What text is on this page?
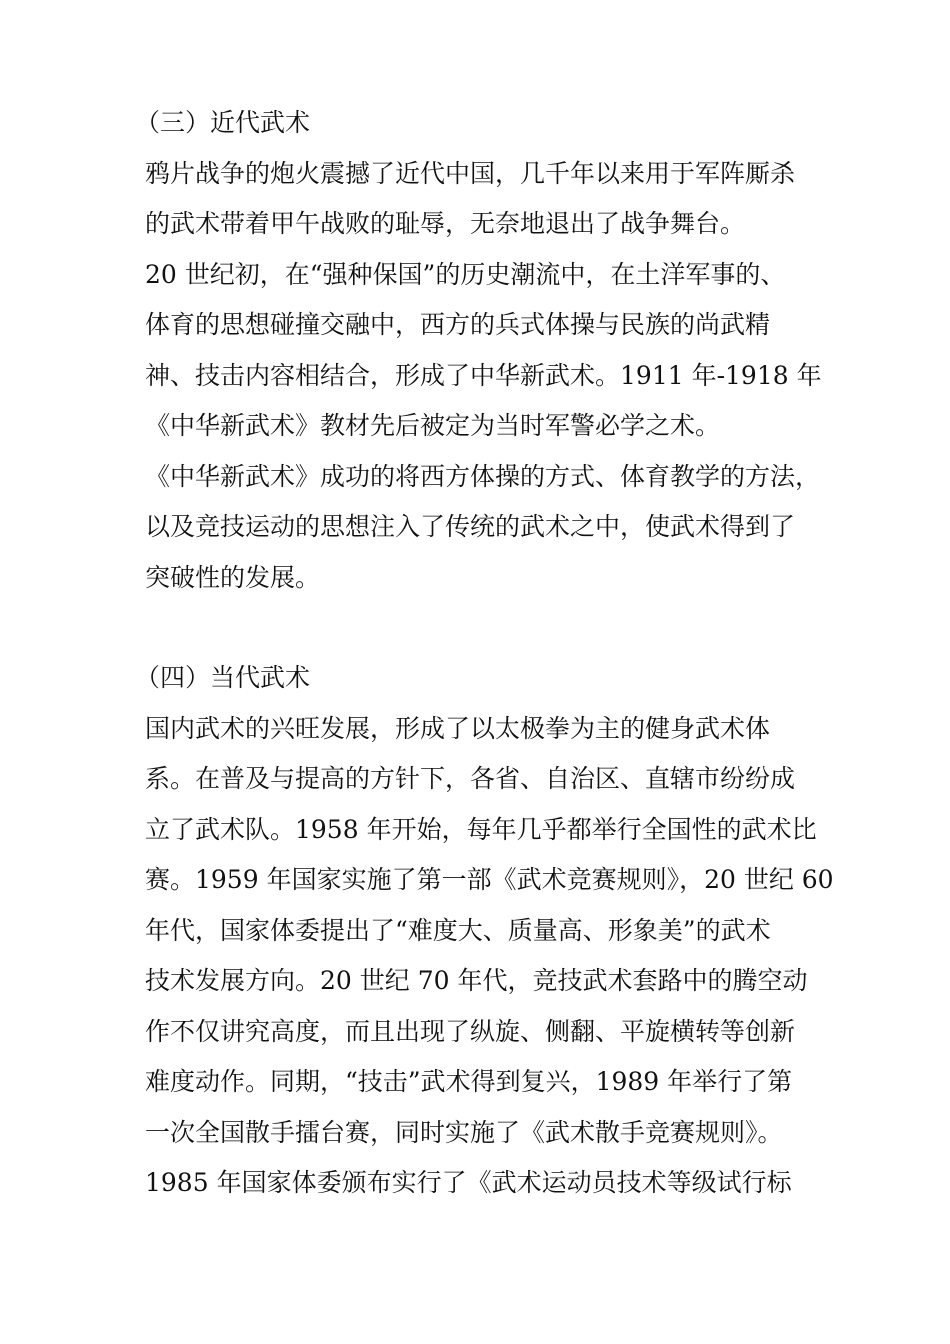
（三）近代武术
鸦片战争的炮火震撼了近代中国，几千年以来用于军阵厮杀
的武术带着甲午战败的耻辱，无奈地退出了战争舞台。
20 世纪初，在“强种保国”的历史潮流中，在土洋军事的、
体育的思想碰撞交融中，西方的兵式体操与民族的尚武精
神、技击内容相结合，形成了中华新武术。1911 年-1918 年
《中华新武术》教材先后被定为当时军警必学之术。
《中华新武术》成功的将西方体操的方式、体育教学的方法，
以及竞技运动的思想注入了传统的武术之中，使武术得到了
突破性的发展。
（四）当代武术
国内武术的兴旺发展，形成了以太极拳为主的健身武术体
系。在普及与提高的方针下，各省、自治区、直辖市纷纷成
立了武术队。1958 年开始，每年几乎都举行全国性的武术比
赛。1959 年国家实施了第一部《武术竞赛规则》，20 世纪 60
年代，国家体委提出了“难度大、质量高、形象美”的武术
技术发展方向。20 世纪 70 年代，竞技武术套路中的腾空动
作不仅讲究高度，而且出现了纵旋、侧翻、平旋横转等创新
难度动作。同期，“技击”武术得到复兴，1989 年举行了第
一次全国散手擂台赛，同时实施了《武术散手竞赛规则》。
1985 年国家体委颁布实行了《武术运动员技术等级试行标
